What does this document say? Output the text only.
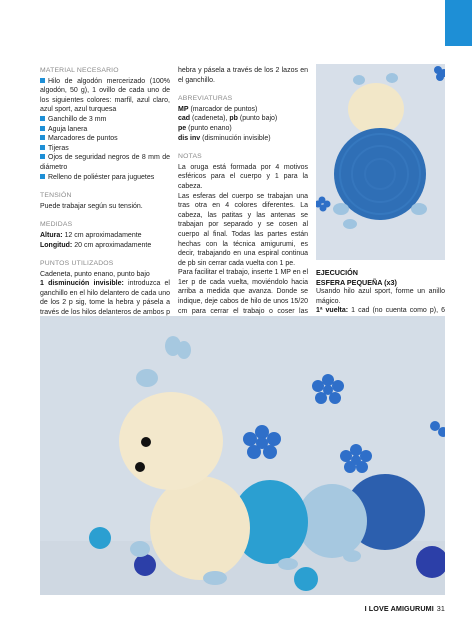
MATERIAL NECESARIO
Hilo de algodón mercerizado (100% algodón, 50 g), 1 ovillo de cada uno de los siguientes colores: marfil, azul claro, azul sport, azul turquesa
Ganchillo de 3 mm
Aguja lanera
Marcadores de puntos
Tijeras
Ojos de seguridad negros de 8 mm de diámetro
Relleno de poliéster para juguetes
TENSIÓN
Puede trabajar según su tensión.
MEDIDAS
Altura: 12 cm aproximadamente
Longitud: 20 cm aproximadamente
PUNTOS UTILIZADOS
Cadeneta, punto enano, punto bajo
1 disminución invisible: introduzca el ganchillo en el hilo delantero de cada uno de los 2 p sig, tome la hebra y pásela a través de los hilos delanteros de ambos p
hebra y pásela a través de los 2 lazos en el ganchillo.
ABREVIATURAS
MP (marcador de puntos)
cad (cadeneta), pb (punto bajo)
pe (punto enano)
dis inv (disminución invisible)
NOTAS
La oruga está formada por 4 motivos esféricos para el cuerpo y 1 para la cabeza.
Las esferas del cuerpo se trabajan una tras otra en 4 colores diferentes. La cabeza, las patitas y las antenas se trabajan por separado y se cosen al cuerpo al final. Todas las partes están hechas con la técnica amigurumi, es decir, trabajando en una espiral continua de pb sin cerrar cada vuelta con 1 pe.
Para facilitar el trabajo, inserte 1 MP en el 1er p de cada vuelta, moviéndolo hacia arriba a medida que avanza. Donde se indique, deje cabos de hilo de unos 15/20 cm para cerrar el trabajo o coser las
EJECUCIÓN
ESFERA PEQUEÑA (x3)
Usando hilo azul sport, forme un anillo mágico.
1ª vuelta: 1 cad (no cuenta como p), 6
I LOVE AMIGURUMI 31
